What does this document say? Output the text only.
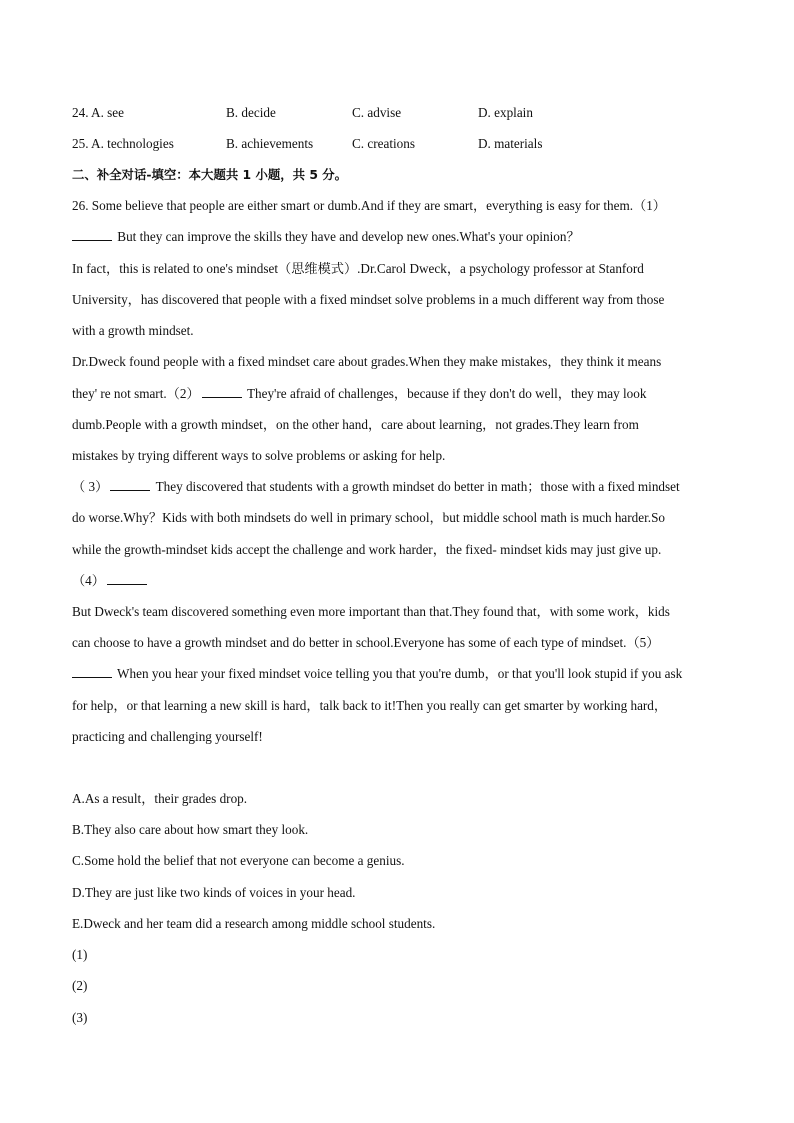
24. A. see	B. decide	C. advise	D. explain
25. A. technologies	B. achievements	C. creations	D. materials
二、补全对话-填空：本大题共 1 小题，共 5 分。
26. Some believe that people are either smart or dumb.And if they are smart，everything is easy for them.（1）
But they can improve the skills they have and develop new ones.What's your opinion？
In fact，this is related to one's mindset（思维模式）.Dr.Carol Dweck，a psychology professor at Stanford
University，has discovered that people with a fixed mindset solve problems in a much different way from those
with a growth mindset.
Dr.Dweck found people with a fixed mindset care about grades.When they make mistakes，they think it means
they' re not smart.（2）	They're afraid of challenges，because if they don't do well，they may look
dumb.People with a growth mindset，on the other hand，care about learning，not grades.They learn from
mistakes by trying different ways to solve problems or asking for help.
（ 3）	They discovered that students with a growth mindset do better in math；those with a fixed mindset
do worse.Why？Kids with both mindsets do well in primary school，but middle school math is much harder.So
while the growth-mindset kids accept the challenge and work harder，the fixed- mindset kids may just give up.
（4）
But Dweck's team discovered something even more important than that.They found that，with some work，kids
can choose to have a growth mindset and do better in school.Everyone has some of each type of mindset.（5）
When you hear your fixed mindset voice telling you that you're dumb，or that you'll look stupid if you ask
for help，or that learning a new skill is hard，talk back to it!Then you really can get smarter by working hard，
practicing and challenging yourself!
A.As a result，their grades drop.
B.They also care about how smart they look.
C.Some hold the belief that not everyone can become a genius.
D.They are just like two kinds of voices in your head.
E.Dweck and her team did a research among middle school students.
(1)
(2)
(3)
